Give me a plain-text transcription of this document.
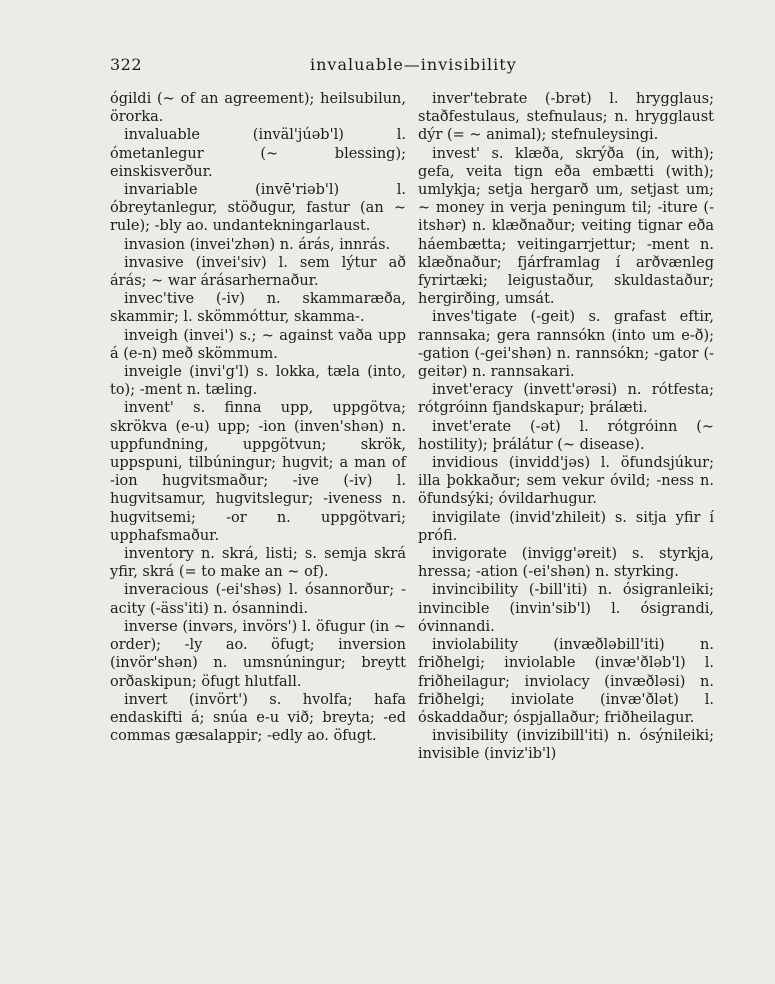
322	invaluable—invisibility

ógildi (~ of an agreement); heilsubilun, örorka.

invaluable (inväl'júəb'l) l. ómetanlegur (~ blessing); einskisverður.

invariable (invē'riəb'l) l. óbreytanlegur, stöðugur, fastur (an ~ rule); -bly ao. undantekningarlaust.

invasion (invei'zhən) n. árás, innrás.

invasive (invei'siv) l. sem lýtur að árás; ~ war árásarhernaður.

invec'tive (-iv) n. skammaræða, skammir; l. skömmóttur, skamma-.

inveigh (invei') s.; ~ against vaða upp á (e-n) með skömmum.

inveigle (invi'g'l) s. lokka, tæla (into, to); -ment n. tæling.

invent' s. finna upp, uppgötva; skrökva (e-u) upp; -ion (inven'shən) n. uppfundning, uppgötvun; skrök, uppspuni, tilbúningur; hugvit; a man of -ion hugvitsmaður; -ive (-iv) l. hugvitsamur, hugvitslegur; -iveness n. hugvitsemi; -or n. uppgötvari; upphafsmaður.

inventory n. skrá, listi; s. semja skrá yfir, skrá (= to make an ~ of).

inveracious (-ei'shəs) l. ósannorður; -acity (-äss'iti) n. ósannindi.

inverse (invərs, invörs') l. öfugur (in ~ order); -ly ao. öfugt; inversion (invör'shən) n. umsnúningur; breytt orðaskipun; öfugt hlutfall.

invert (invört') s. hvolfa; hafa endaskifti á; snúa e-u við; breyta; -ed commas gæsalappir; -edly ao. öfugt.

inver'tebrate (-brət) l. hrygglaus; staðfestulaus, stefnulaus; n. hrygglaust dýr (= ~ animal); stefnuleysingi.

invest' s. klæða, skrýða (in, with); gefa, veita tign eða embætti (with); umlykja; setja hergarð um, setjast um; ~ money in verja peningum til; -iture (-itshər) n. klæðnaður; veiting tignar eða háembætta; veitingarrjettur; -ment n. klæðnaður; fjárframlag í arðvænleg fyrirtæki; leigustaður, skuldastaður; hergirðing, umsát.

inves'tigate (-geit) s. grafast eftir, rannsaka; gera rannsókn (into um e-ð); -gation (-gei'shən) n. rannsókn; -gator (-geitər) n. rannsakari.

invet'eracy (invett'ərəsi) n. rótfesta; rótgróinn fjandskapur; þrálæti.

invet'erate (-ət) l. rótgróinn (~ hostility); þrálátur (~ disease).

invidious (invidd'jəs) l. öfundsjúkur; illa þokkaður; sem vekur óvild; -ness n. öfundsýki; óvildarhugur.

invigilate (invid'zhileit) s. sitja yfir í prófi.

invigorate (invigg'əreit) s. styrkja, hressa; -ation (-ei'shən) n. styrking.

invincibility (-bill'iti) n. ósigranleiki; invincible (invin'sib'l) l. ósigrandi, óvinnandi.

inviolability (invæðləbill'iti) n. friðhelgi; inviolable (invæ'ðləb'l) l. friðheilagur; inviolacy (invæðləsi) n. friðhelgi; inviolate (invæ'ðlət) l. óskaddaður; óspjallaður; friðheilagur.

invisibility (invizibill'iti) n. ósýnileiki; invisible (inviz'ib'l)
